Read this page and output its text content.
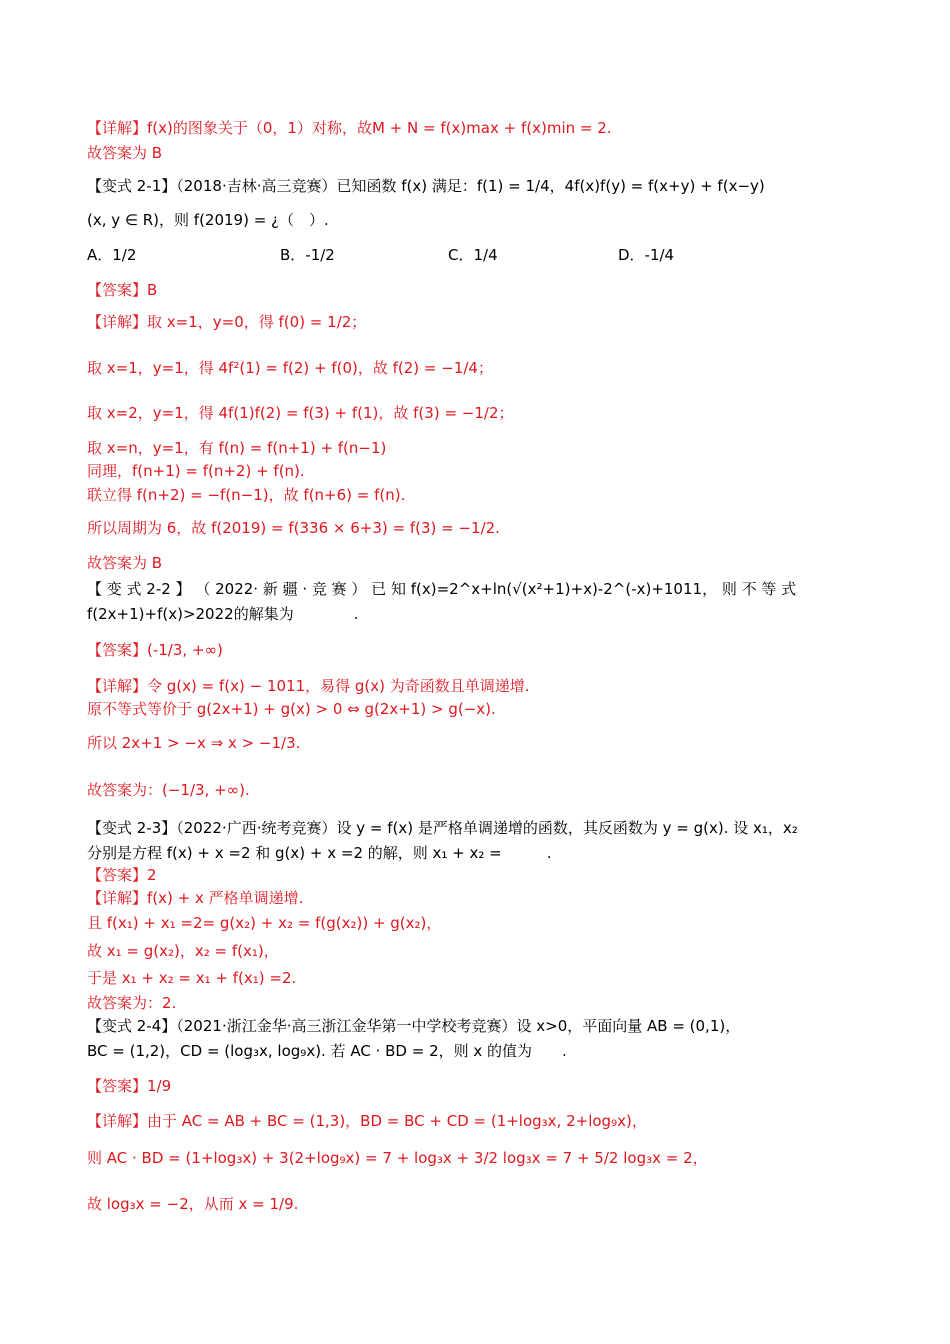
【详解】f(x)的图象关于（0，1）对称，故M + N = f(x)max + f(x)min = 2.
故答案为 B
【变式 2-1】（2018·吉林·高三竞赛）已知函数 f(x) 满足：f(1) = 1/4，4f(x)f(y) = f(x+y) + f(x−y)
(x, y ∈ R)，则 f(2019) = ¿（　）.
A．1/2	B．-1/2	C．1/4	D．-1/4
【答案】B
【详解】取 x=1，y=0，得 f(0) = 1/2；
取 x=1，y=1，得 4f²(1) = f(2) + f(0)，故 f(2) = −1/4；
取 x=2，y=1，得 4f(1)f(2) = f(3) + f(1)，故 f(3) = −1/2；
取 x=n，y=1，有 f(n) = f(n+1) + f(n−1)
同理，f(n+1) = f(n+2) + f(n).
联立得 f(n+2) = −f(n−1)，故 f(n+6) = f(n).
所以周期为 6，故 f(2019) = f(336 × 6+3) = f(3) = −1/2.
故答案为 B
【 变 式 2-2 】 （ 2022· 新 疆 · 竞 赛 ） 已 知 f(x)=2^x+ln(√(x²+1)+x)-2^(-x)+1011， 则 不 等 式
f(2x+1)+f(x)>2022的解集为　　　　.
【答案】(-1/3, +∞)
【详解】令 g(x) = f(x) − 1011，易得 g(x) 为奇函数且单调递增.
原不等式等价于 g(2x+1) + g(x) > 0 ⇔ g(2x+1) > g(−x).
所以 2x+1 > −x ⇒ x > −1/3.
故答案为：(−1/3, +∞).
【变式 2-3】（2022·广西·统考竞赛）设 y = f(x) 是严格单调递增的函数，其反函数为 y = g(x). 设 x₁，x₂
分别是方程 f(x) + x =2 和 g(x) + x =2 的解，则 x₁ + x₂ =　　　.
【答案】2
【详解】f(x) + x 严格单调递增.
且 f(x₁) + x₁ =2= g(x₂) + x₂ = f(g(x₂)) + g(x₂)，
故 x₁ = g(x₂)，x₂ = f(x₁)，
于是 x₁ + x₂ = x₁ + f(x₁) =2.
故答案为：2.
【变式 2-4】（2021·浙江金华·高三浙江金华第一中学校考竞赛）设 x>0，平面向量 AB = (0,1)，
BC = (1,2)，CD = (log₃x, log₉x). 若 AC · BD = 2，则 x 的值为　　.
【答案】1/9
【详解】由于 AC = AB + BC = (1,3)，BD = BC + CD = (1+log₃x, 2+log₉x)，
则 AC · BD = (1+log₃x) + 3(2+log₉x) = 7 + log₃x + 3/2 log₃x = 7 + 5/2 log₃x = 2，
故 log₃x = −2，从而 x = 1/9.
